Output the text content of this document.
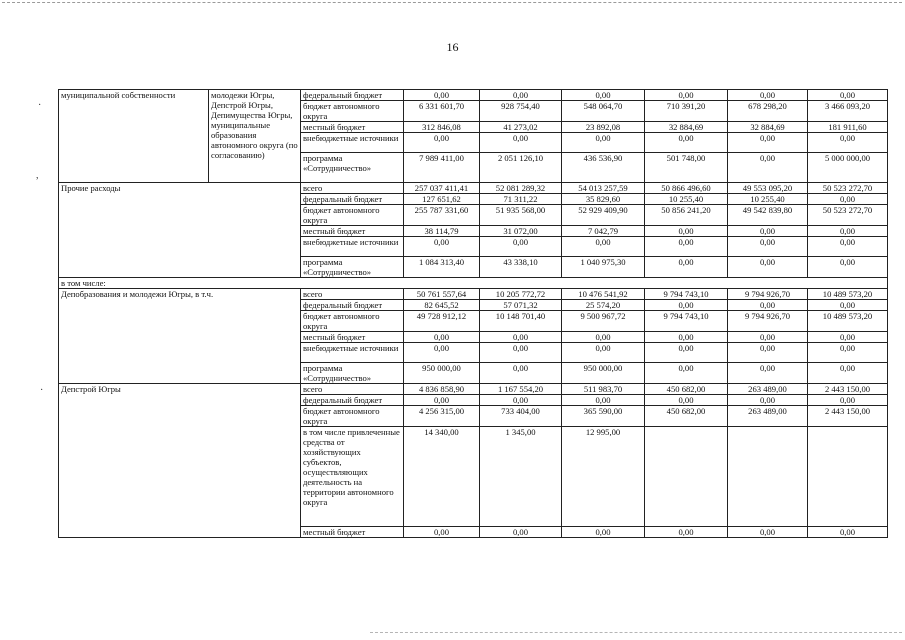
16
·
,
·
муниципальной собственности	молодежи Югры, Депстрой Югры, Депимущества Югры, муниципальные образования автономного округа (по согласованию)	федеральный бюджет	0,00	0,00	0,00	0,00	0,00	0,00
		бюджет автономного округа	6 331 601,70	928 754,40	548 064,70	710 391,20	678 298,20	3 466 093,20
		местный бюджет	312 846,08	41 273,02	23 892,08	32 884,69	32 884,69	181 911,60
		внебюджетные источники	0,00	0,00	0,00	0,00	0,00	0,00
		программа «Сотрудничество»	7 989 411,00	2 051 126,10	436 536,90	501 748,00	0,00	5 000 000,00
Прочие расходы		всего	257 037 411,41	52 081 289,32	54 013 257,59	50 866 496,60	49 553 095,20	50 523 272,70
		федеральный бюджет	127 651,62	71 311,22	35 829,60	10 255,40	10 255,40	0,00
		бюджет автономного округа	255 787 331,60	51 935 568,00	52 929 409,90	50 856 241,20	49 542 839,80	50 523 272,70
		местный бюджет	38 114,79	31 072,00	7 042,79	0,00	0,00	0,00
		внебюджетные источники	0,00	0,00	0,00	0,00	0,00	0,00
		программа «Сотрудничество»	1 084 313,40	43 338,10	1 040 975,30	0,00	0,00	0,00
в том числе:								
Депобразования и молодежи Югры, в т.ч.		всего	50 761 557,64	10 205 772,72	10 476 541,92	9 794 743,10	9 794 926,70	10 489 573,20
		федеральный бюджет	82 645,52	57 071,32	25 574,20	0,00	0,00	0,00
		бюджет автономного округа	49 728 912,12	10 148 701,40	9 500 967,72	9 794 743,10	9 794 926,70	10 489 573,20
		местный бюджет	0,00	0,00	0,00	0,00	0,00	0,00
		внебюджетные источники	0,00	0,00	0,00	0,00	0,00	0,00
		программа «Сотрудничество»	950 000,00	0,00	950 000,00	0,00	0,00	0,00
Депстрой Югры		всего	4 836 858,90	1 167 554,20	511 983,70	450 682,00	263 489,00	2 443 150,00
		федеральный бюджет	0,00	0,00	0,00	0,00	0,00	0,00
		бюджет автономного округа	4 256 315,00	733 404,00	365 590,00	450 682,00	263 489,00	2 443 150,00
		в том числе привлеченные средства от хозяйствующих субъектов, осуществляющих деятельность на территории автономного округа	14 340,00	1 345,00	12 995,00			
		местный бюджет	0,00	0,00	0,00	0,00	0,00	0,00
